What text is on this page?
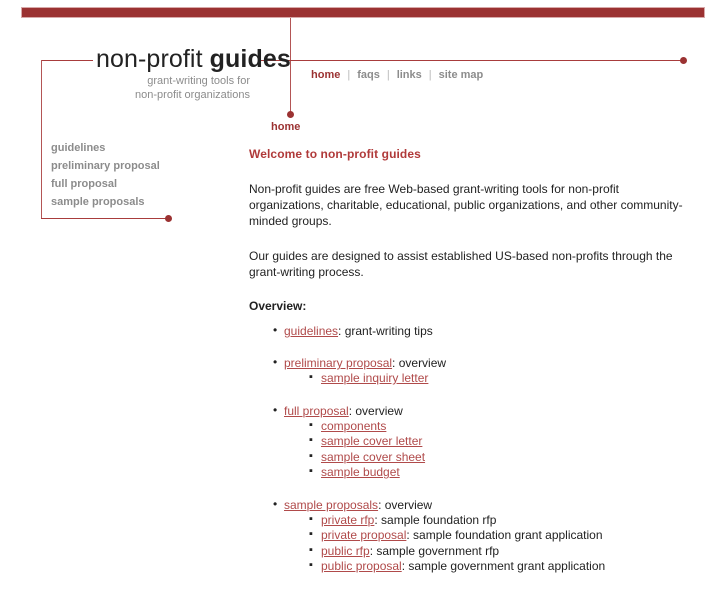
non-profit guides
grant-writing tools for
non-profit organizations
home | faqs | links | site map
home
guidelines
preliminary proposal
full proposal
sample proposals
Welcome to non-profit guides

Non-profit guides are free Web-based grant-writing tools for non-profit organizations, charitable, educational, public organizations, and other community-minded groups.

Our guides are designed to assist established US-based non-profits through the grant-writing process.

Overview:
• guidelines: grant-writing tips
• preliminary proposal: overview
▪ sample inquiry letter
• full proposal: overview
▪ components
▪ sample cover letter
▪ sample cover sheet
▪ sample budget
• sample proposals: overview
▪ private rfp: sample foundation rfp
▪ private proposal: sample foundation grant application
▪ public rfp: sample government rfp
▪ public proposal: sample government grant application
